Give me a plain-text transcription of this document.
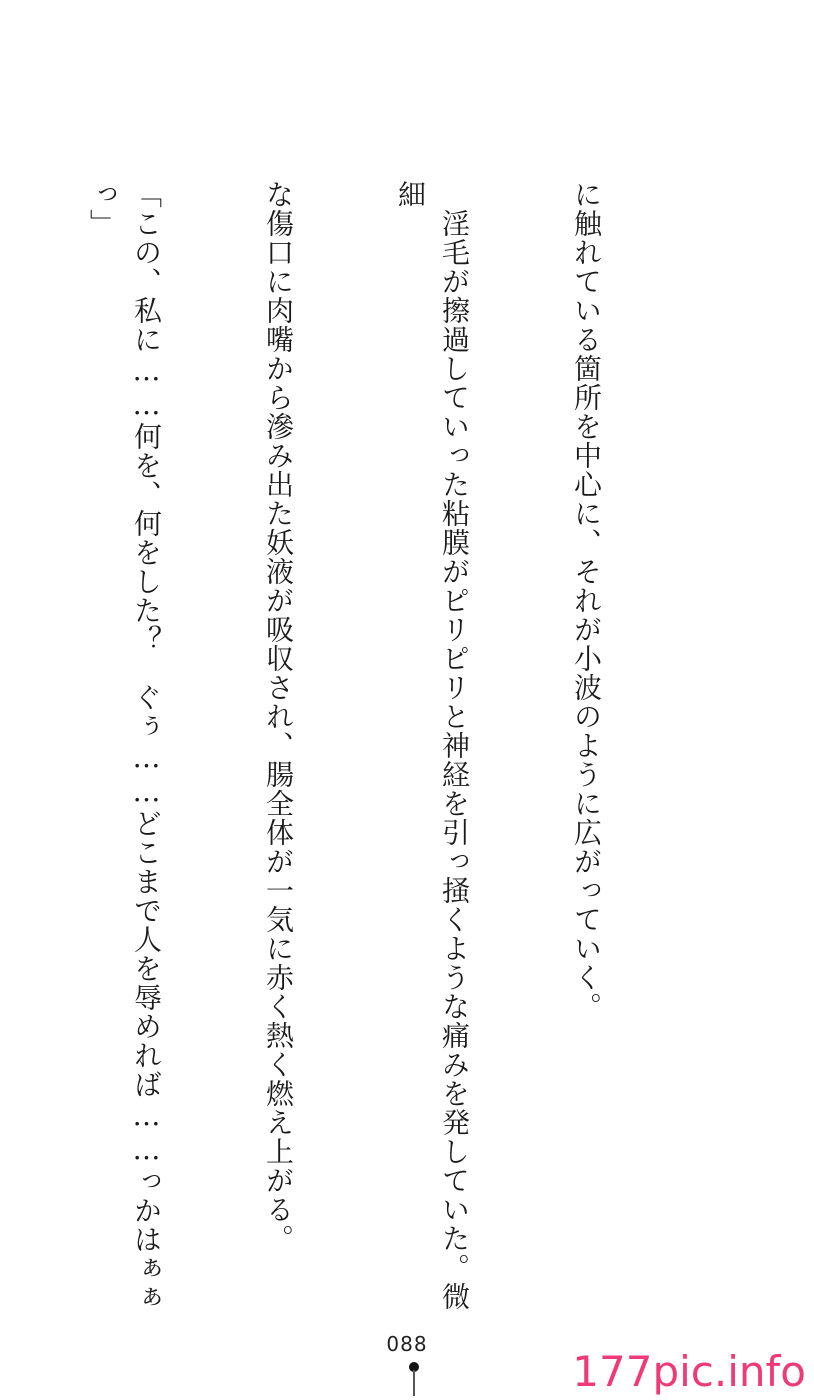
に触れている箇所を中心に、それが小波のように広がっていく。

　淫毛が擦過していった粘膜がピリピリと神経を引っ掻くような痛みを発していた。微細

な傷口に肉嘴から滲み出た妖液が吸収され、腸全体が一気に赤く熱く燃え上がる。

「この、私に……何を、何をした？　ぐぅ……どこまで人を辱めれば……っかはぁぁっ」

088
177pic.info
